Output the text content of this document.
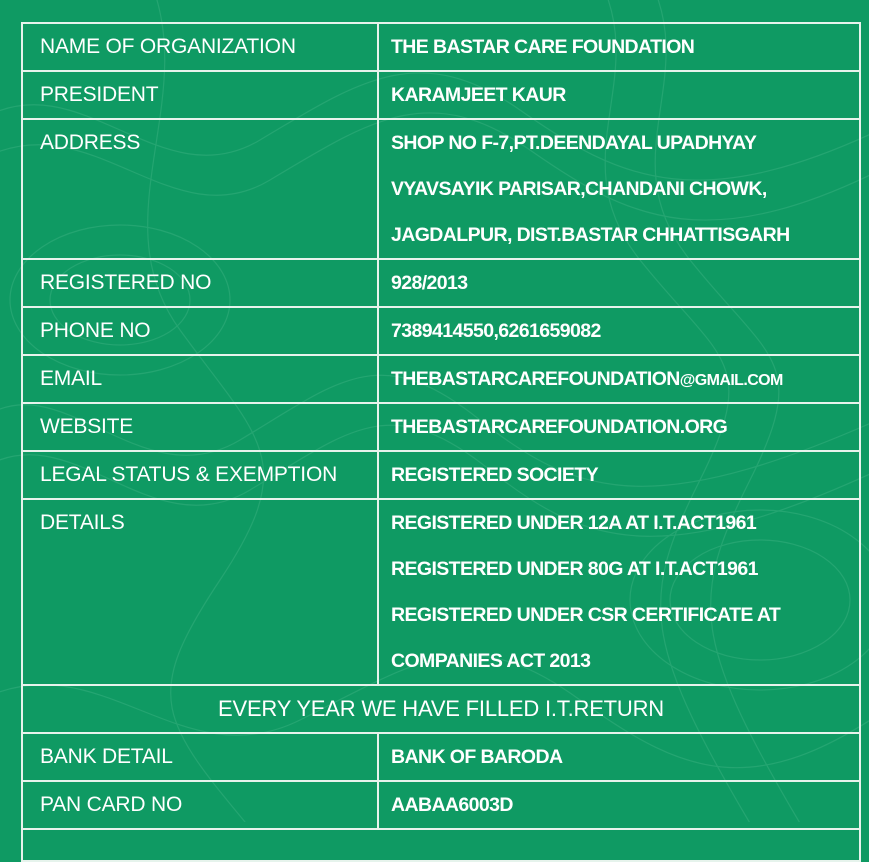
NAME OF ORGANIZATION	THE BASTAR CARE FOUNDATION

PRESIDENT	KARAMJEET KAUR

ADDRESS	SHOP NO F-7,PT.DEENDAYAL UPADHYAY
VYAVSAYIK PARISAR,CHANDANI CHOWK,
JAGDALPUR, DIST.BASTAR CHHATTISGARH

REGISTERED NO	928/2013

PHONE NO	7389414550,6261659082

EMAIL	THEBASTARCAREFOUNDATION@GMAIL.COM

WEBSITE	THEBASTARCAREFOUNDATION.ORG

LEGAL STATUS & EXEMPTION	REGISTERED SOCIETY

DETAILS	REGISTERED UNDER 12A AT I.T.ACT1961
REGISTERED UNDER 80G AT I.T.ACT1961
REGISTERED UNDER CSR CERTIFICATE AT
COMPANIES ACT 2013

EVERY YEAR WE HAVE FILLED I.T.RETURN	

BANK DETAIL	BANK OF BARODA

PAN CARD NO	AABAA6003D
